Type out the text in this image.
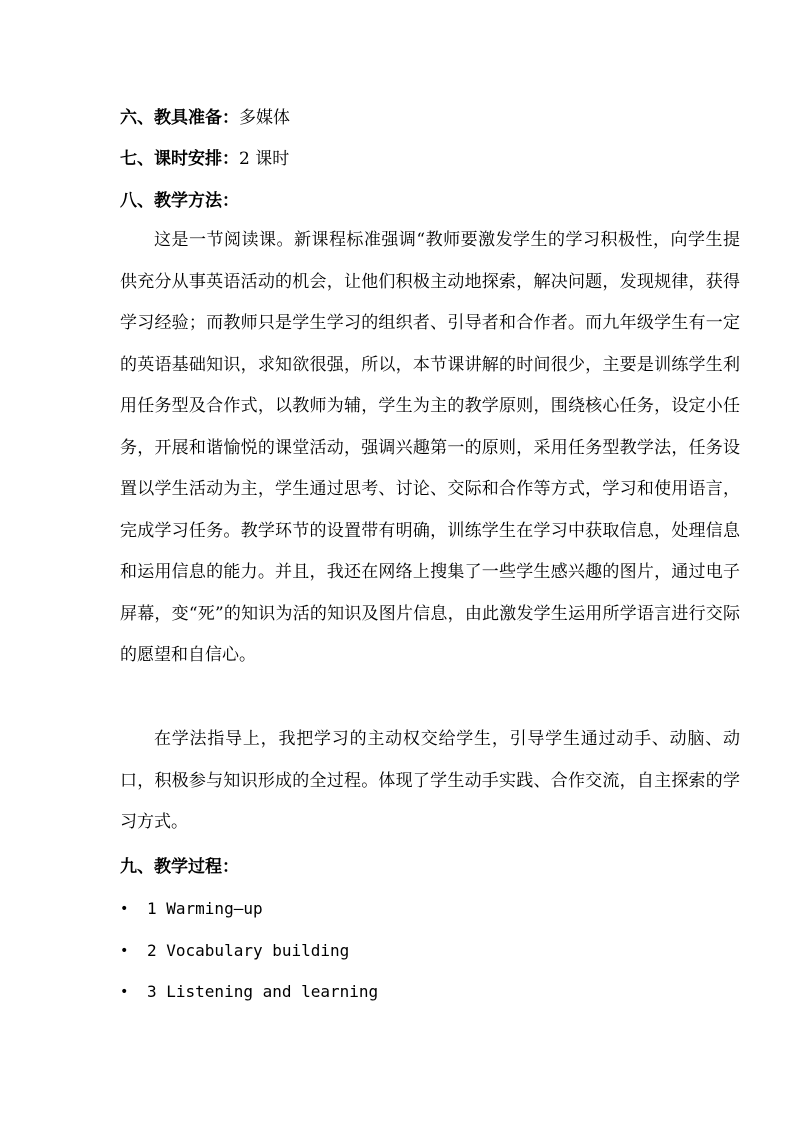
六、教具准备：多媒体
七、课时安排：2 课时
八、教学方法：

这是一节阅读课。新课程标准强调“教师要激发学生的学习积极性，向学生提供充分从事英语活动的机会，让他们积极主动地探索，解决问题，发现规律，获得学习经验；而教师只是学生学习的组织者、引导者和合作者。而九年级学生有一定的英语基础知识，求知欲很强，所以，本节课讲解的时间很少，主要是训练学生利用任务型及合作式，以教师为辅，学生为主的教学原则，围绕核心任务，设定小任务，开展和谐愉悦的课堂活动，强调兴趣第一的原则，采用任务型教学法，任务设置以学生活动为主，学生通过思考、讨论、交际和合作等方式，学习和使用语言，完成学习任务。教学环节的设置带有明确，训练学生在学习中获取信息，处理信息和运用信息的能力。并且，我还在网络上搜集了一些学生感兴趣的图片，通过电子屏幕，变“死”的知识为活的知识及图片信息，由此激发学生运用所学语言进行交际的愿望和自信心。

在学法指导上，我把学习的主动权交给学生，引导学生通过动手、动脑、动口，积极参与知识形成的全过程。体现了学生动手实践、合作交流，自主探索的学习方式。

九、教学过程：
• 1 Warming—up
• 2 Vocabulary building
• 3 Listening and learning
